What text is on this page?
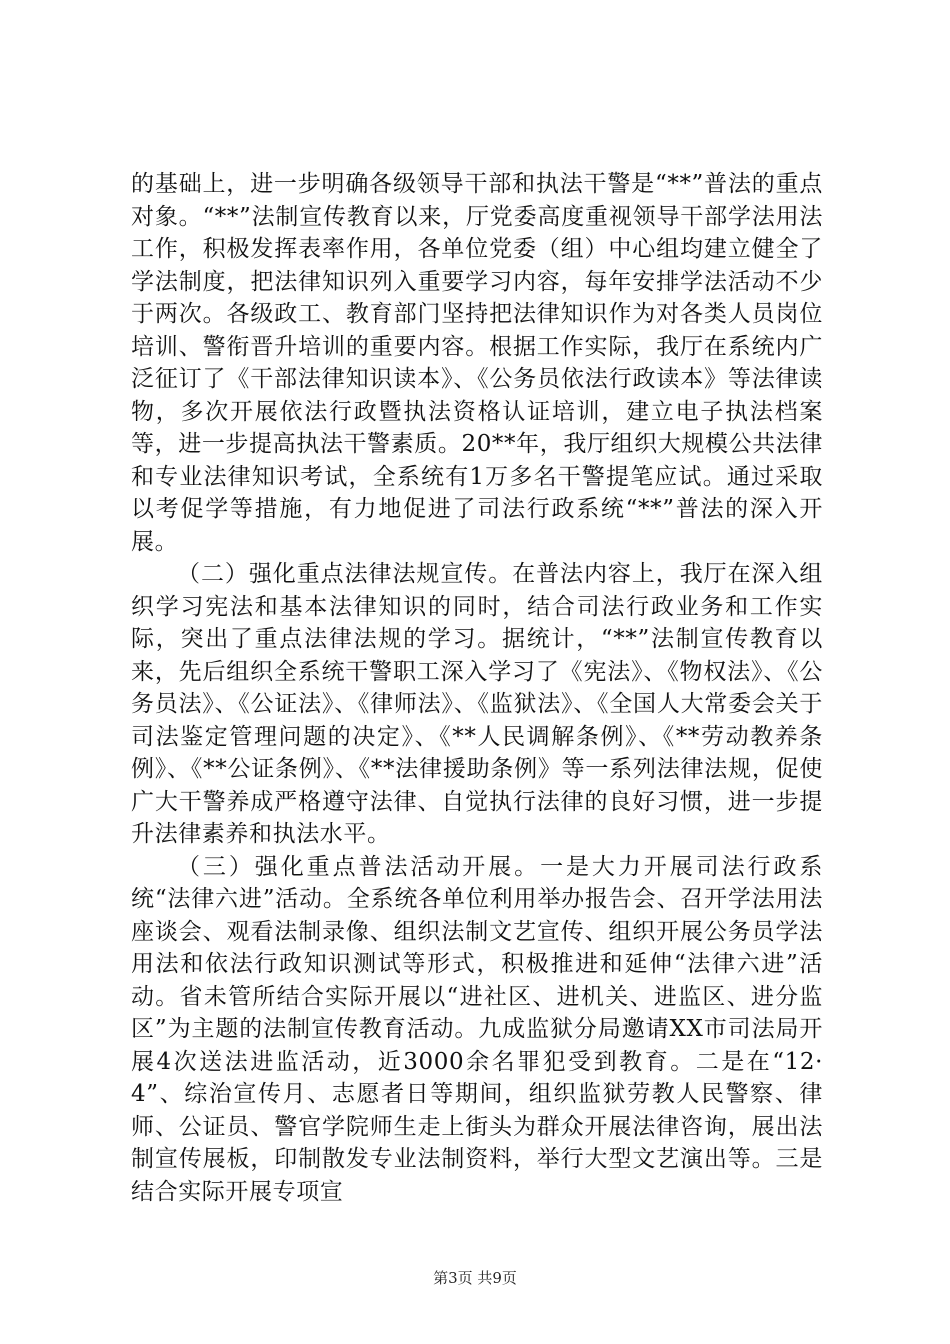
的基础上，进一步明确各级领导干部和执法干警是“**”普法的重点对象。“**”法制宣传教育以来，厅党委高度重视领导干部学法用法工作，积极发挥表率作用，各单位党委（组）中心组均建立健全了学法制度，把法律知识列入重要学习内容，每年安排学法活动不少于两次。各级政工、教育部门坚持把法律知识作为对各类人员岗位培训、警衔晋升培训的重要内容。根据工作实际，我厅在系统内广泛征订了《干部法律知识读本》、《公务员依法行政读本》等法律读物，多次开展依法行政暨执法资格认证培训，建立电子执法档案等，进一步提高执法干警素质。20**年，我厅组织大规模公共法律和专业法律知识考试，全系统有1万多名干警提笔应试。通过采取以考促学等措施，有力地促进了司法行政系统“**”普法的深入开展。

（二）强化重点法律法规宣传。在普法内容上，我厅在深入组织学习宪法和基本法律知识的同时，结合司法行政业务和工作实际，突出了重点法律法规的学习。据统计，“**”法制宣传教育以来，先后组织全系统干警职工深入学习了《宪法》、《物权法》、《公务员法》、《公证法》、《律师法》、《监狱法》、《全国人大常委会关于司法鉴定管理问题的决定》、《**人民调解条例》、《**劳动教养条例》、《**公证条例》、《**法律援助条例》等一系列法律法规，促使广大干警养成严格遵守法律、自觉执行法律的良好习惯，进一步提升法律素养和执法水平。

（三）强化重点普法活动开展。一是大力开展司法行政系统“法律六进”活动。全系统各单位利用举办报告会、召开学法用法座谈会、观看法制录像、组织法制文艺宣传、组织开展公务员学法用法和依法行政知识测试等形式，积极推进和延伸“法律六进”活动。省未管所结合实际开展以“进社区、进机关、进监区、进分监区”为主题的法制宣传教育活动。九成监狱分局邀请XX市司法局开展4次送法进监活动，近3000余名罪犯受到教育。二是在“12·4”、综治宣传月、志愿者日等期间，组织监狱劳教人民警察、律师、公证员、警官学院师生走上街头为群众开展法律咨询，展出法制宣传展板，印制散发专业法制资料，举行大型文艺演出等。三是结合实际开展专项宣

第3页 共9页
